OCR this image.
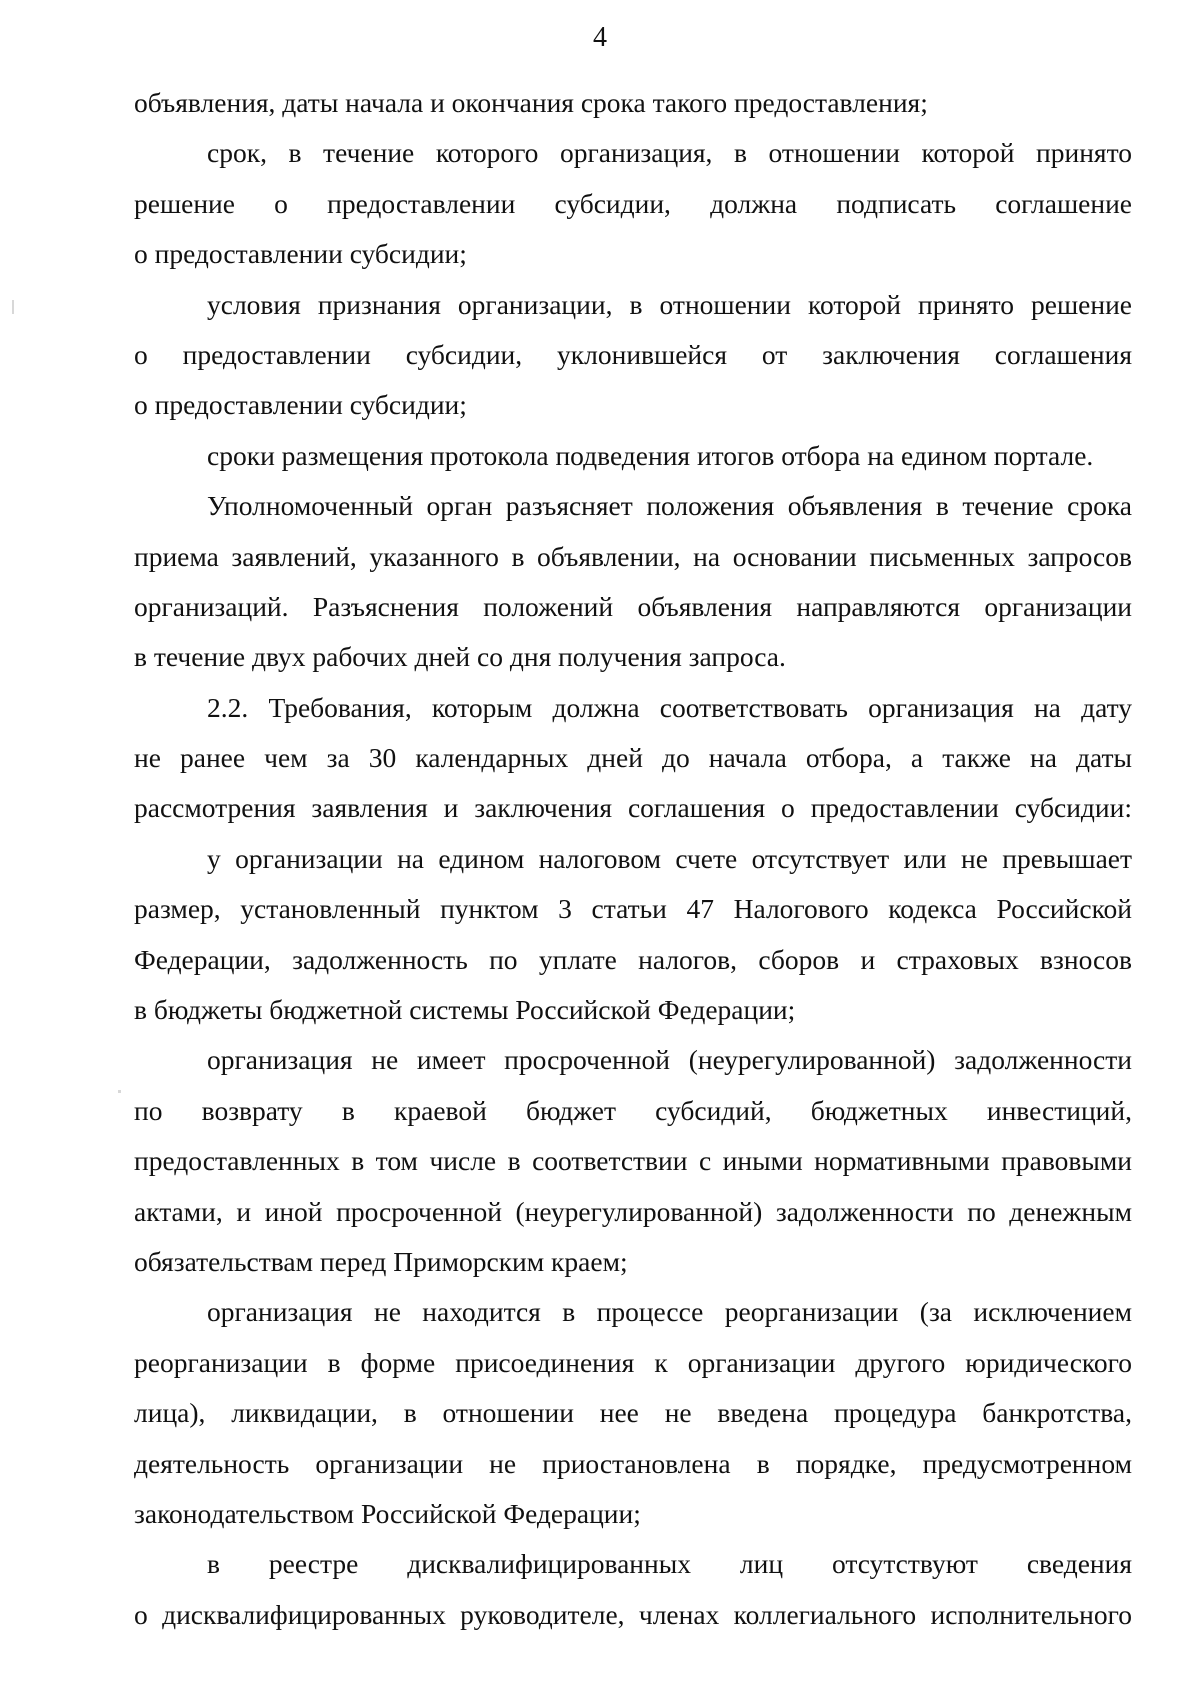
4
объявления, даты начала и окончания срока такого предоставления;
срок, в течение которого организация, в отношении которой принято
решение о предоставлении субсидии, должна подписать соглашение
о предоставлении субсидии;
условия признания организации, в отношении которой принято решение
о предоставлении субсидии, уклонившейся от заключения соглашения
о предоставлении субсидии;
сроки размещения протокола подведения итогов отбора на едином портале.
Уполномоченный орган разъясняет положения объявления в течение срока
приема заявлений, указанного в объявлении, на основании письменных запросов
организаций. Разъяснения положений объявления направляются организации
в течение двух рабочих дней со дня получения запроса.
2.2. Требования, которым должна соответствовать организация на дату
не ранее чем за 30 календарных дней до начала отбора, а также на даты
рассмотрения заявления и заключения соглашения о предоставлении субсидии:
у организации на едином налоговом счете отсутствует или не превышает
размер, установленный пунктом 3 статьи 47 Налогового кодекса Российской
Федерации, задолженность по уплате налогов, сборов и страховых взносов
в бюджеты бюджетной системы Российской Федерации;
организация не имеет просроченной (неурегулированной) задолженности
по возврату в краевой бюджет субсидий, бюджетных инвестиций,
предоставленных в том числе в соответствии с иными нормативными правовыми
актами, и иной просроченной (неурегулированной) задолженности по денежным
обязательствам перед Приморским краем;
организация не находится в процессе реорганизации (за исключением
реорганизации в форме присоединения к организации другого юридического
лица), ликвидации, в отношении нее не введена процедура банкротства,
деятельность организации не приостановлена в порядке, предусмотренном
законодательством Российской Федерации;
в реестре дисквалифицированных лиц отсутствуют сведения
о дисквалифицированных руководителе, членах коллегиального исполнительного
